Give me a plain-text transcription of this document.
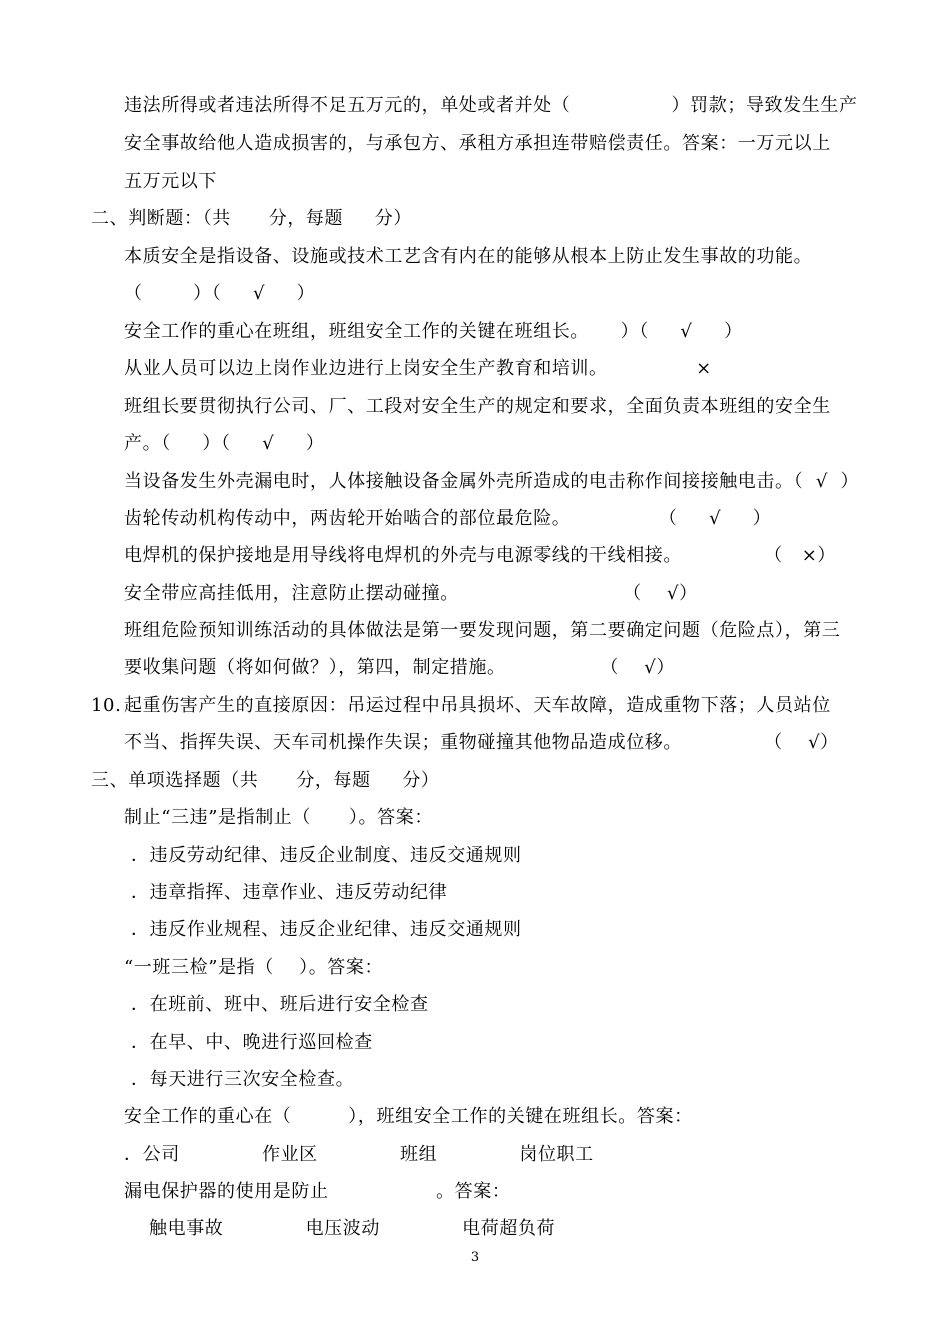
违法所得或者违法所得不足五万元的，单处或者并处（                ）罚款；导致发生生产
安全事故给他人造成损害的，与承包方、承租方承担连带赔偿责任。答案：一万元以上
五万元以下
二、判断题：（共      分，每题     分）
本质安全是指设备、设施或技术工艺含有内在的能够从根本上防止发生事故的功能。
（        ）（     √     ）
安全工作的重心在班组，班组安全工作的关键在班组长。     ）（     √     ）
从业人员可以边上岗作业边进行上岗安全生产教育和培训。              ×
班组长要贯彻执行公司、厂、工段对安全生产的规定和要求，全面负责本班组的安全生
产。（     ）（     √     ）
当设备发生外壳漏电时，人体接触设备金属外壳所造成的电击称作间接接触电击。（  √  ）
齿轮传动机构传动中，两齿轮开始啮合的部位最危险。              （     √     ）
电焊机的保护接地是用导线将电焊机的外壳与电源零线的干线相接。             （   ×）
安全带应高挂低用，注意防止摆动碰撞。                          （    √）
班组危险预知训练活动的具体做法是第一要发现问题，第二要确定问题（危险点），第三
要收集问题（将如何做？），第四，制定措施。               （    √）
10. 起重伤害产生的直接原因：吊运过程中吊具损坏、天车故障，造成重物下落；人员站位
不当、指挥失误、天车司机操作失误；重物碰撞其他物品造成位移。             （    √）
三、单项选择题（共      分，每题     分）
制止“三违”是指制止（      ）。答案：
．违反劳动纪律、违反企业制度、违反交通规则
．违章指挥、违章作业、违反劳动纪律
．违反作业规程、违反企业纪律、违反交通规则
“一班三检”是指（    ）。答案：
．在班前、班中、班后进行安全检查
．在早、中、晚进行巡回检查
．每天进行三次安全检查。
安全工作的重心在（         ），班组安全工作的关键在班组长。答案：
．公司             作业区             班组             岗位职工
漏电保护器的使用是防止                 。答案：
触电事故             电压波动             电荷超负荷
3
